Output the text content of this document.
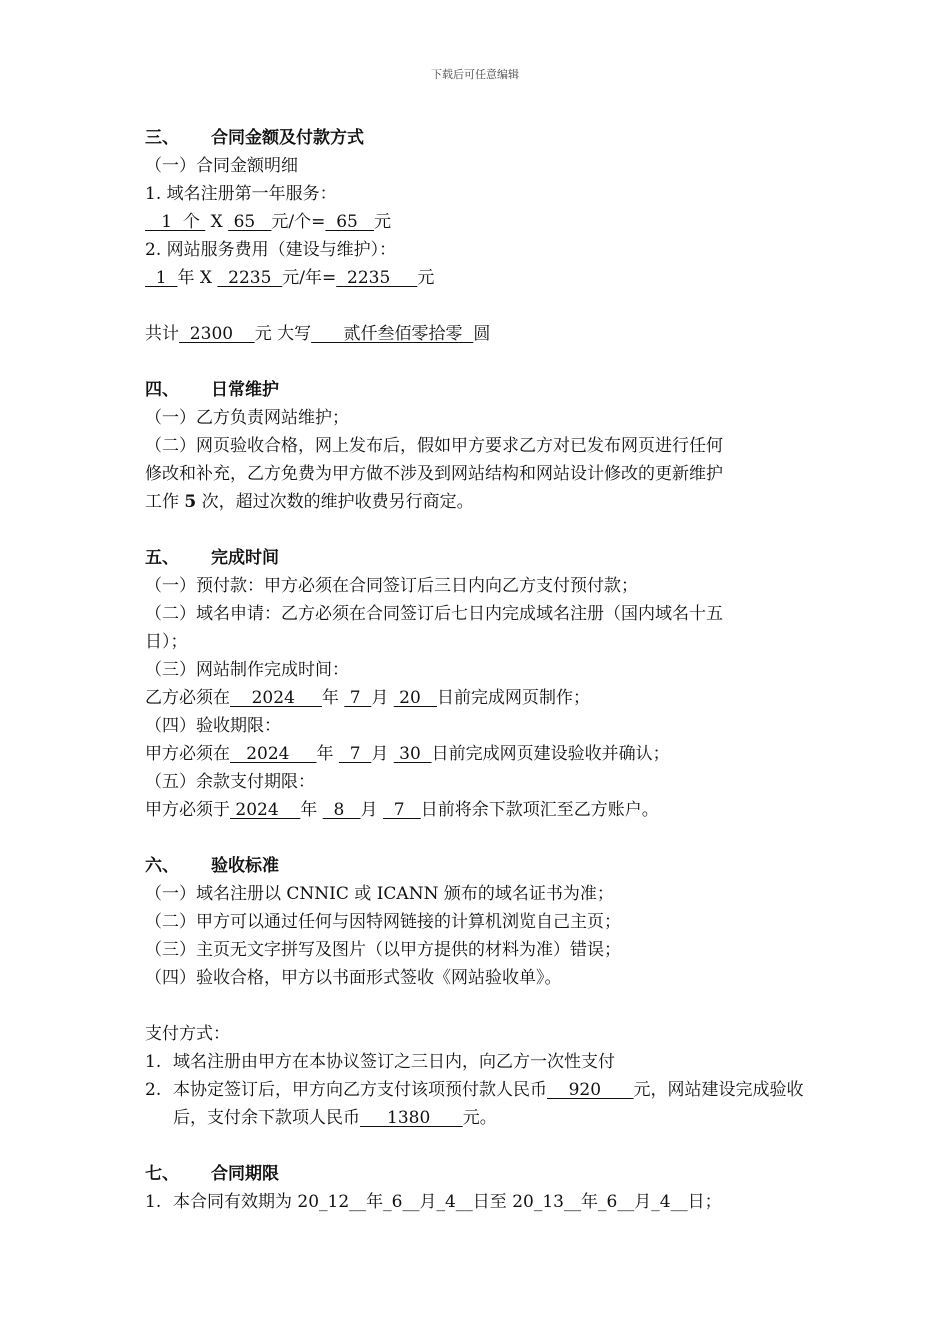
下载后可任意编辑
三、 合同金额及付款方式
（一）合同金额明细
1. 域名注册第一年服务：
1  个  X  65   元/个=  65   元
2. 网站服务费用（建设与维护）：
1  年 X   2235  元/年=  2235     元
共计  2300    元 大写      贰仟叁佰零拾零  圆
四、 日常维护
（一）乙方负责网站维护；
（二）网页验收合格，网上发布后，假如甲方要求乙方对已发布网页进行任何
修改和补充，乙方免费为甲方做不涉及到网站结构和网站设计修改的更新维护
工作 5 次，超过次数的维护收费另行商定。
五、 完成时间
（一）预付款：甲方必须在合同签订后三日内向乙方支付预付款；
（二）域名申请：乙方必须在合同签订后七日内完成域名注册（国内域名十五
日）；
（三）网站制作完成时间：
乙方必须在    2024     年  7  月  20   日前完成网页制作；
（四）验收期限：
甲方必须在   2024     年   7  月  30  日前完成网页建设验收并确认；
（五）余款支付期限：
甲方必须于 2024    年   8   月   7   日前将余下款项汇至乙方账户。
六、 验收标准
（一）域名注册以 CNNIC 或 ICANN 颁布的域名证书为准；
（二）甲方可以通过任何与因特网链接的计算机浏览自己主页；
（三）主页无文字拼写及图片（以甲方提供的材料为准）错误；
（四）验收合格，甲方以书面形式签收《网站验收单》。
支付方式：
1. 域名注册由甲方在本协议签订之三日内，向乙方一次性支付
2. 本协定签订后，甲方向乙方支付该项预付款人民币    920      元，网站建设完成验收后，支付余下款项人民币     1380      元。
七、 合同期限
1. 本合同有效期为 20_12__年_6__月_4__日至 20_13__年_6__月_4__日；
